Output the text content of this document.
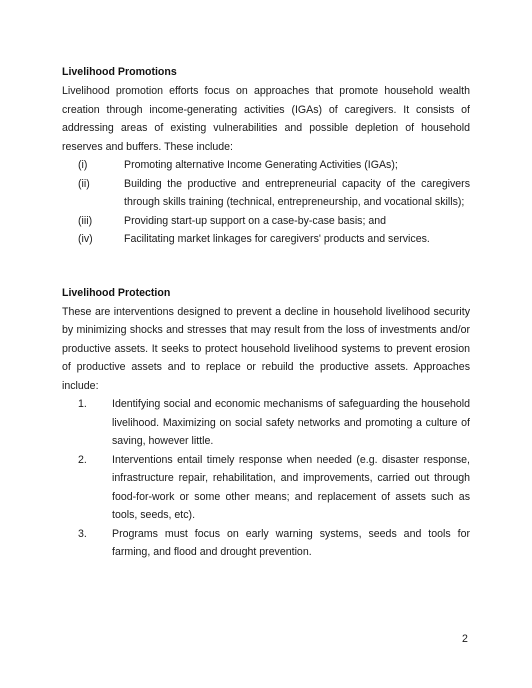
Livelihood Promotions

Livelihood promotion efforts focus on approaches that promote household wealth creation through income-generating activities (IGAs) of caregivers. It consists of addressing areas of existing vulnerabilities and possible depletion of household reserves and buffers. These include:

(i)	Promoting alternative Income Generating Activities (IGAs);
(ii)	Building the productive and entrepreneurial capacity of the caregivers through skills training (technical, entrepreneurship, and vocational skills);
(iii)	Providing start-up support on a case-by-case basis; and
(iv)	Facilitating market linkages for caregivers' products and services.
Livelihood Protection

These are interventions designed to prevent a decline in household livelihood security by minimizing shocks and stresses that may result from the loss of investments and/or productive assets. It seeks to protect household livelihood systems to prevent erosion of productive assets and to replace or rebuild the productive assets. Approaches include:

1.	Identifying social and economic mechanisms of safeguarding the household livelihood. Maximizing on social safety networks and promoting a culture of saving, however little.
2.	Interventions entail timely response when needed (e.g. disaster response, infrastructure repair, rehabilitation, and improvements, carried out through food-for-work or some other means; and replacement of assets such as tools, seeds, etc).
3.	Programs must focus on early warning systems, seeds and tools for farming, and flood and drought prevention.
2
